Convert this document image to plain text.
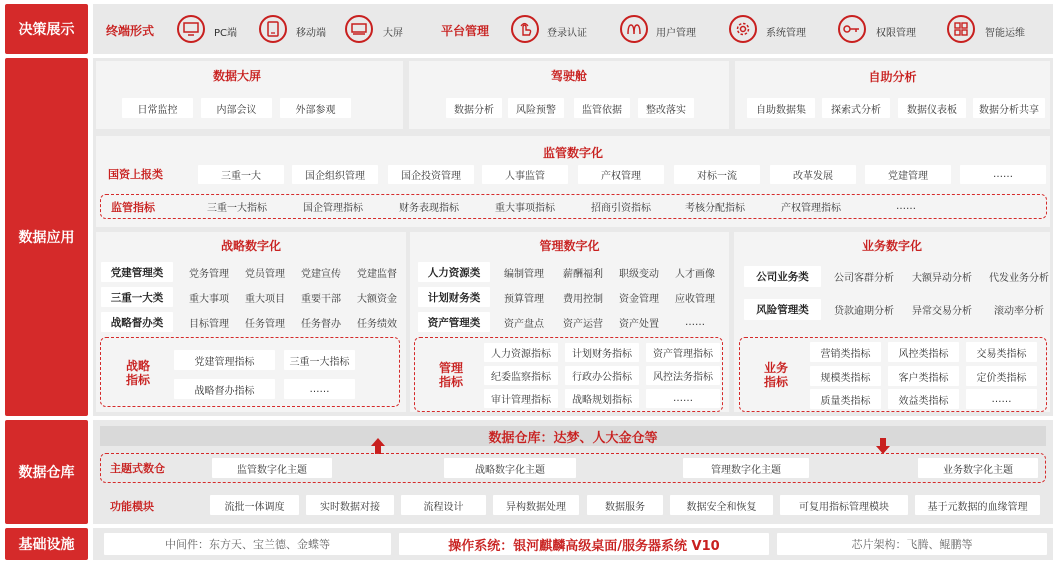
决策展示
数据应用
数据仓库
基础设施
终端形式	PC端	移动端	大屏	平台管理	登录认证	用户管理	系统管理	权限管理	智能运维
数据大屏
日常监控	内部会议	外部参观
驾驶舱
数据分析	风险预警	监管依据	整改落实
自助分析
自助数据集	探索式分析	数据仪表板	数据分析共享
监管数字化
国资上报类	三重一大	国企组织管理	国企投资管理	人事监管	产权管理	对标一流	改革发展	党建管理	……
监管指标	三重一大指标	国企管理指标	财务表现指标	重大事项指标	招商引资指标	考核分配指标	产权管理指标	……
战略数字化
党建管理类	党务管理	党员管理	党建宣传	党建监督
三重一大类	重大事项	重大项目	重要干部	大额资金
战略督办类	目标管理	任务管理	任务督办	任务绩效
战略
指标
党建管理指标	三重一大指标
战略督办指标	……
管理数字化
人力资源类	编制管理	薪酬福利	职级变动	人才画像
计划财务类	预算管理	费用控制	资金管理	应收管理
资产管理类	资产盘点	资产运营	资产处置	……
管理
指标
人力资源指标	计划财务指标	资产管理指标
纪委监察指标	行政办公指标	风控法务指标
审计管理指标	战略规划指标	……
业务数字化
公司业务类	公司客群分析	大额异动分析	代发业务分析
风险管理类	贷款逾期分析	异常交易分析	滚动率分析
业务
指标
营销类指标	风控类指标	交易类指标
规模类指标	客户类指标	定价类指标
质量类指标	效益类指标	……
数据仓库：达梦、人大金仓等
主题式数仓	监管数字化主题	战略数字化主题	管理数字化主题	业务数字化主题
功能模块	流批一体调度	实时数据对接	流程设计	异构数据处理	数据服务	数据安全和恢复	可复用指标管理模块	基于元数据的血缘管理
中间件：东方天、宝兰德、金蝶等	操作系统：银河麒麟高级桌面/服务器系统 V10	芯片架构：飞腾、鲲鹏等
